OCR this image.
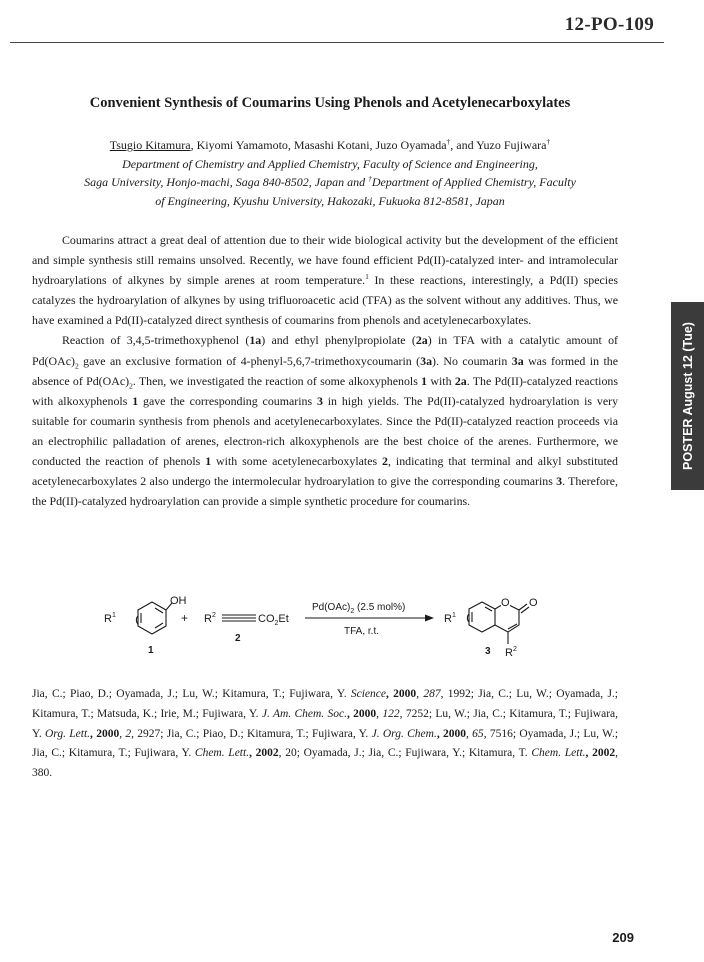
12-PO-109
Convenient Synthesis of Coumarins Using Phenols and Acetylenecarboxylates
Tsugio Kitamura, Kiyomi Yamamoto, Masashi Kotani, Juzo Oyamada†, and Yuzo Fujiwara†
Department of Chemistry and Applied Chemistry, Faculty of Science and Engineering,
Saga University, Honjo-machi, Saga 840-8502, Japan and †Department of Applied Chemistry, Faculty
of Engineering, Kyushu University, Hakozaki, Fukuoka 812-8581, Japan

Coumarins attract a great deal of attention due to their wide biological activity but the development of the efficient and simple synthesis still remains unsolved. Recently, we have found efficient Pd(II)-catalyzed inter- and intramolecular hydroarylations of alkynes by simple arenes at room temperature.$^1$ In these reactions, interestingly, a Pd(II) species catalyzes the hydroarylation of alkynes by using trifluoroacetic acid (TFA) as the solvent without any additives. Thus, we have examined a Pd(II)-catalyzed direct synthesis of coumarins from phenols and acetylenecarboxylates.

Reaction of 3,4,5-trimethoxyphenol (1a) and ethyl phenylpropiolate (2a) in TFA with a catalytic amount of $Pd(OAc)_2$ gave an exclusive formation of 4-phenyl-5,6,7-trimethoxycoumarin (3a). No coumarin 3a was formed in the absence of $Pd(OAc)_2$. Then, we investigated the reaction of some alkoxyphenols 1 with 2a. The Pd(II)-catalyzed reactions with alkoxyphenols 1 gave the corresponding coumarins 3 in high yields. The Pd(II)-catalyzed hydroarylation is very suitable for coumarin synthesis from phenols and acetylenecarboxylates. Since the Pd(II)-catalyzed reaction proceeds via an electrophilic palladation of arenes, electron-rich alkoxyphenols are the best choice of the arenes. Furthermore, we conducted the reaction of phenols 1 with some acetylenecarboxylates 2, indicating that terminal and alkyl substituted acetylenecarboxylates 2 also undergo the intermolecular hydroarylation to give the corresponding coumarins 3. Therefore, the Pd(II)-catalyzed hydroarylation can provide a simple synthetic procedure for coumarins.

POSTER August 12 (Tue)
OH
$R^1$
1
+ $R^2$	$CO_2Et$
2
$Pd(OAc)_2$ (2.5 mol%)
TFA, r.t.
$R^1$
O O
3 $R^2$

Jia, C.; Piao, D.; Oyamada, J.; Lu, W.; Kitamura, T.; Fujiwara, Y. Science, 2000, 287, 1992; Jia, C.; Lu, W.; Oyamada, J.; Kitamura, T.; Matsuda, K.; Irie, M.; Fujiwara, Y. J. Am. Chem. Soc., 2000, 122, 7252; Lu, W.; Jia, C.; Kitamura, T.; Fujiwara, Y. Org. Lett., 2000, 2, 2927; Jia, C.; Piao, D.; Kitamura, T.; Fujiwara, Y. J. Org. Chem., 2000, 65, 7516; Oyamada, J.; Lu, W.; Jia, C.; Kitamura, T.; Fujiwara, Y. Chem. Lett., 2002, 20; Oyamada, J.; Jia, C.; Fujiwara, Y.; Kitamura, T. Chem. Lett., 2002, 380.

209
